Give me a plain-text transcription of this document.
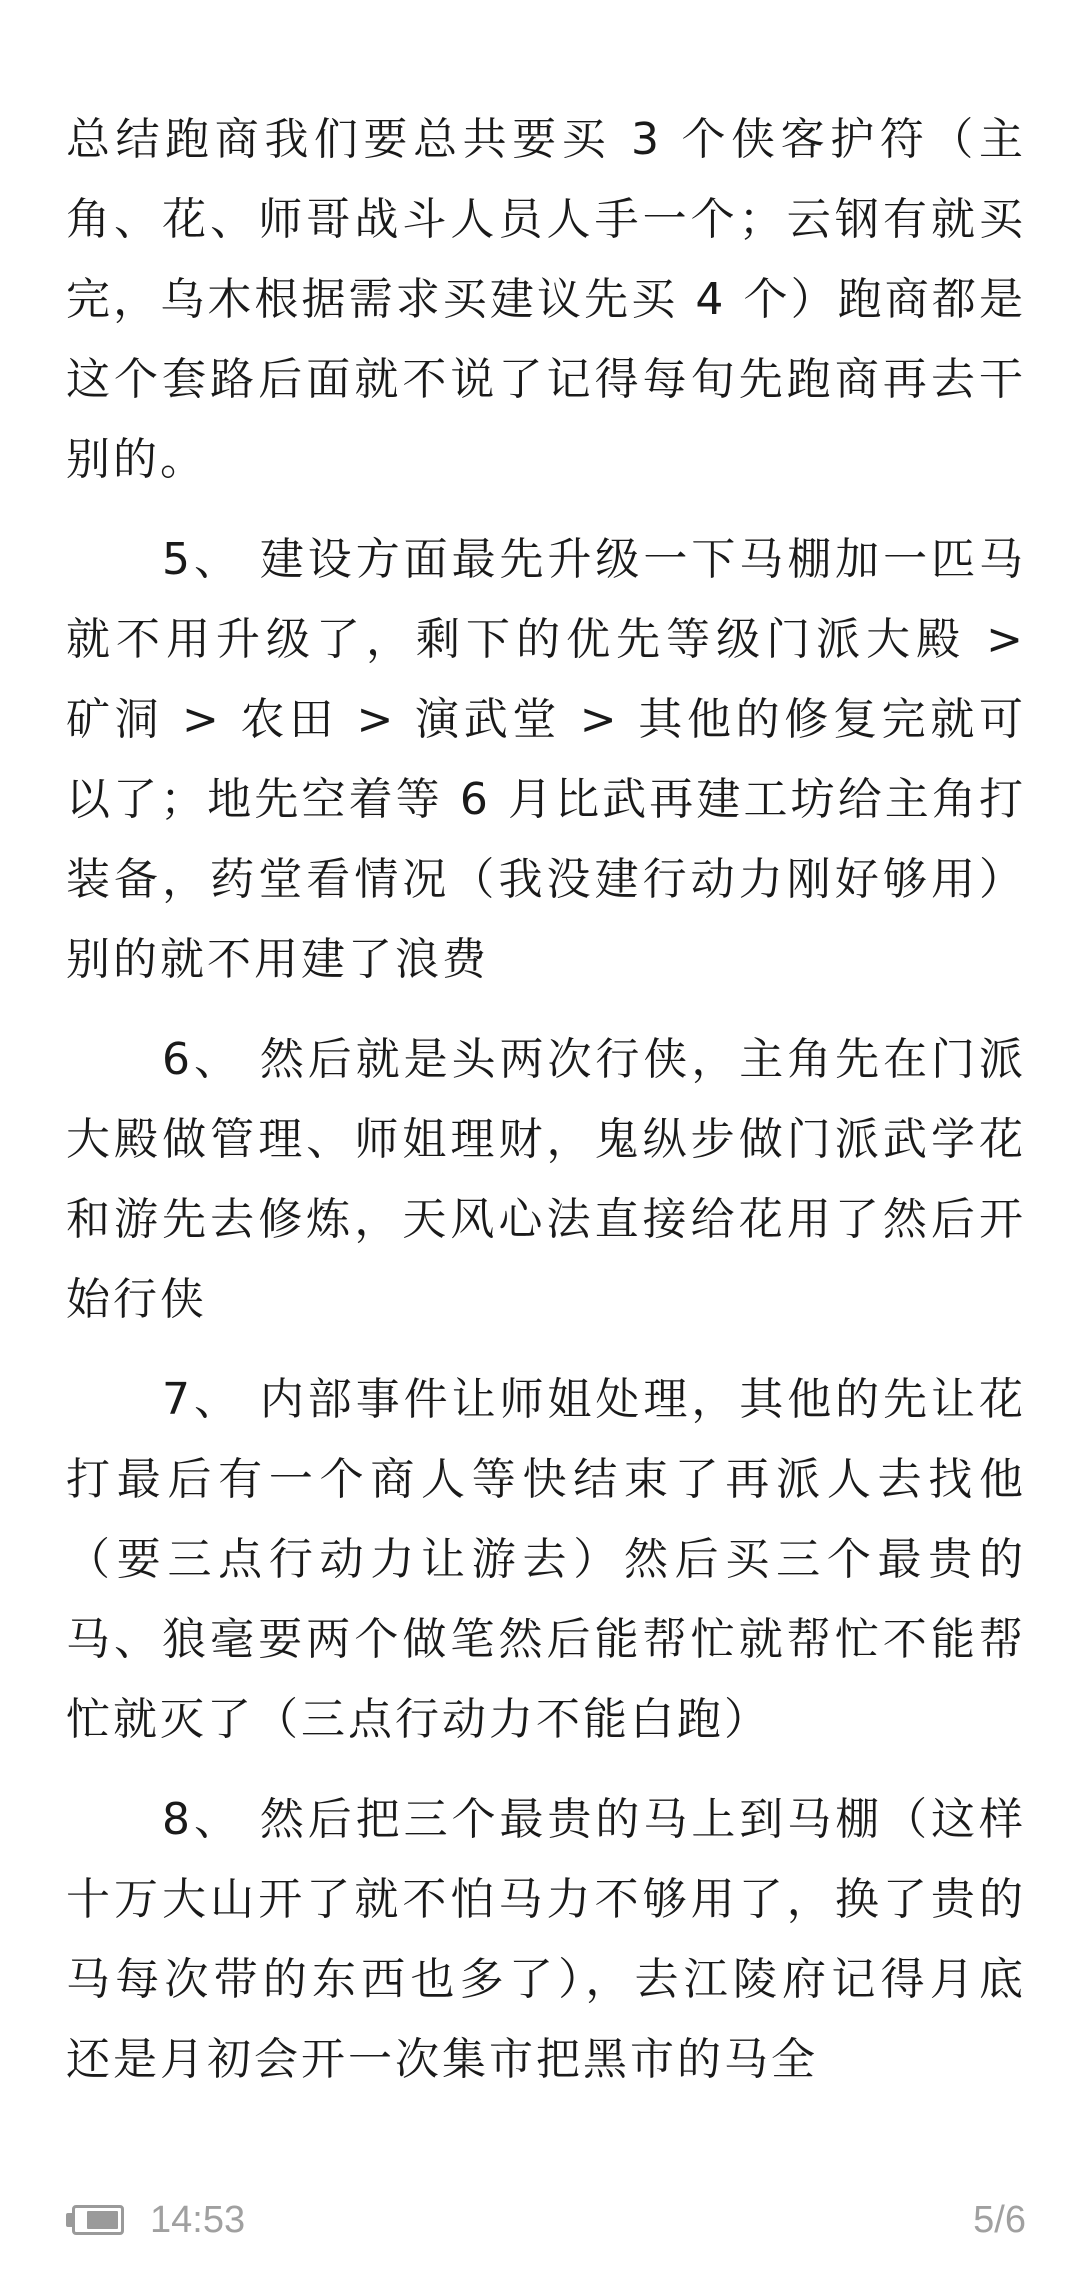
总结跑商我们要总共要买 3 个侠客护符（主角、花、师哥战斗人员人手一个；云钢有就买完，乌木根据需求买建议先买 4 个）跑商都是这个套路后面就不说了记得每旬先跑商再去干别的。

5、 建设方面最先升级一下马棚加一匹马就不用升级了，剩下的优先等级门派大殿 > 矿洞 > 农田 > 演武堂 > 其他的修复完就可以了；地先空着等 6 月比武再建工坊给主角打装备，药堂看情况（我没建行动力刚好够用）别的就不用建了浪费

6、 然后就是头两次行侠，主角先在门派大殿做管理、师姐理财，鬼纵步做门派武学花和游先去修炼，天风心法直接给花用了然后开始行侠

7、 内部事件让师姐处理，其他的先让花打最后有一个商人等快结束了再派人去找他（要三点行动力让游去）然后买三个最贵的马、狼毫要两个做笔然后能帮忙就帮忙不能帮忙就灭了（三点行动力不能白跑）

8、 然后把三个最贵的马上到马棚（这样十万大山开了就不怕马力不够用了，换了贵的马每次带的东西也多了），去江陵府记得月底还是月初会开一次集市把黑市的马全

14:53	5/6
